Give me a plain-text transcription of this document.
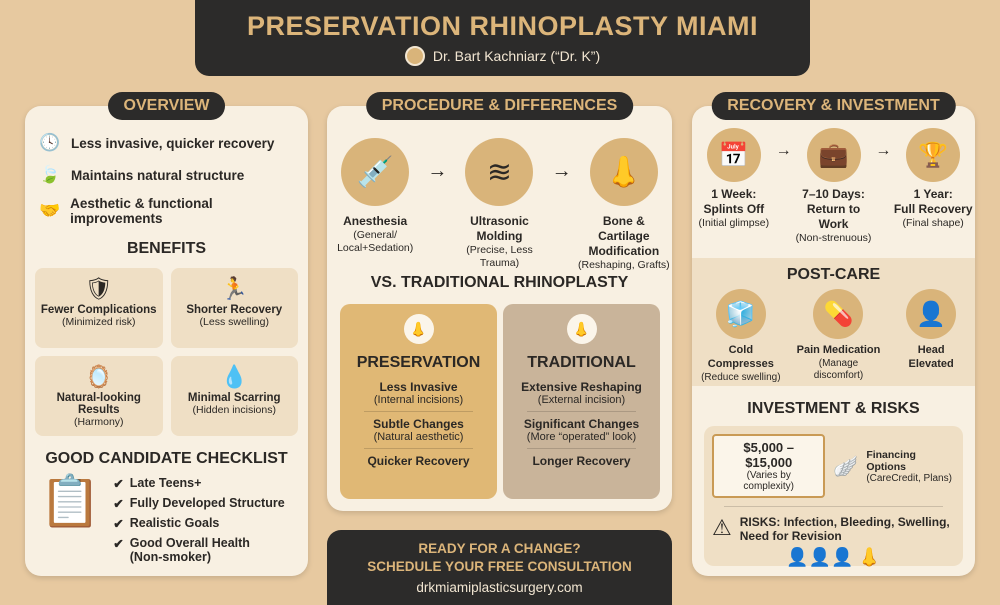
PRESERVATION RHINOPLASTY MIAMI
Dr. Bart Kachniarz (“Dr. K”)
OVERVIEW
🕓 Less invasive, quicker recovery
🍃 Maintains natural structure
🤝 Aesthetic & functional improvements
BENEFITS
🛡
Fewer Complications
(Minimized risk)
🏃
Shorter Recovery
(Less swelling)
🪞
Natural-looking Results
(Harmony)
💧
Minimal Scarring
(Hidden incisions)
GOOD CANDIDATE CHECKLIST
📋 ✔ Late Teens+
✔ Fully Developed Structure
✔ Realistic Goals
✔ Good Overall Health (Non-smoker)
PROCEDURE & DIFFERENCES
💉
Anesthesia
(General/ Local+Sedation)
→	≋
Ultrasonic Molding
(Precise, Less Trauma)
→	👃
Bone & Cartilage Modification
(Reshaping, Grafts)
VS. TRADITIONAL RHINOPLASTY
👃
PRESERVATION
Less Invasive
(Internal incisions)
Subtle Changes
(Natural aesthetic)
Quicker Recovery
👃
TRADITIONAL
Extensive Reshaping
(External incision)
Significant Changes
(More “operated” look)
Longer Recovery
RECOVERY & INVESTMENT
📅
1 Week:
Splints Off
(Initial glimpse)
→	💼
7–10 Days:
Return to Work
(Non-strenuous)
→	🏆
1 Year:
Full Recovery
(Final shape)
POST-CARE
🧊
Cold Compresses
(Reduce swelling)
💊
Pain Medication
(Manage discomfort)
👤
Head
Elevated
INVESTMENT & RISKS
$5,000 – $15,000
(Varies by complexity)
🪽
Financing Options
(CareCredit, Plans)
⚠ RISKS: Infection, Bleeding, Swelling, Need for Revision
👤👤👤 👃
READY FOR A CHANGE?
SCHEDULE YOUR FREE CONSULTATION
drkmiamiplasticsurgery.com
